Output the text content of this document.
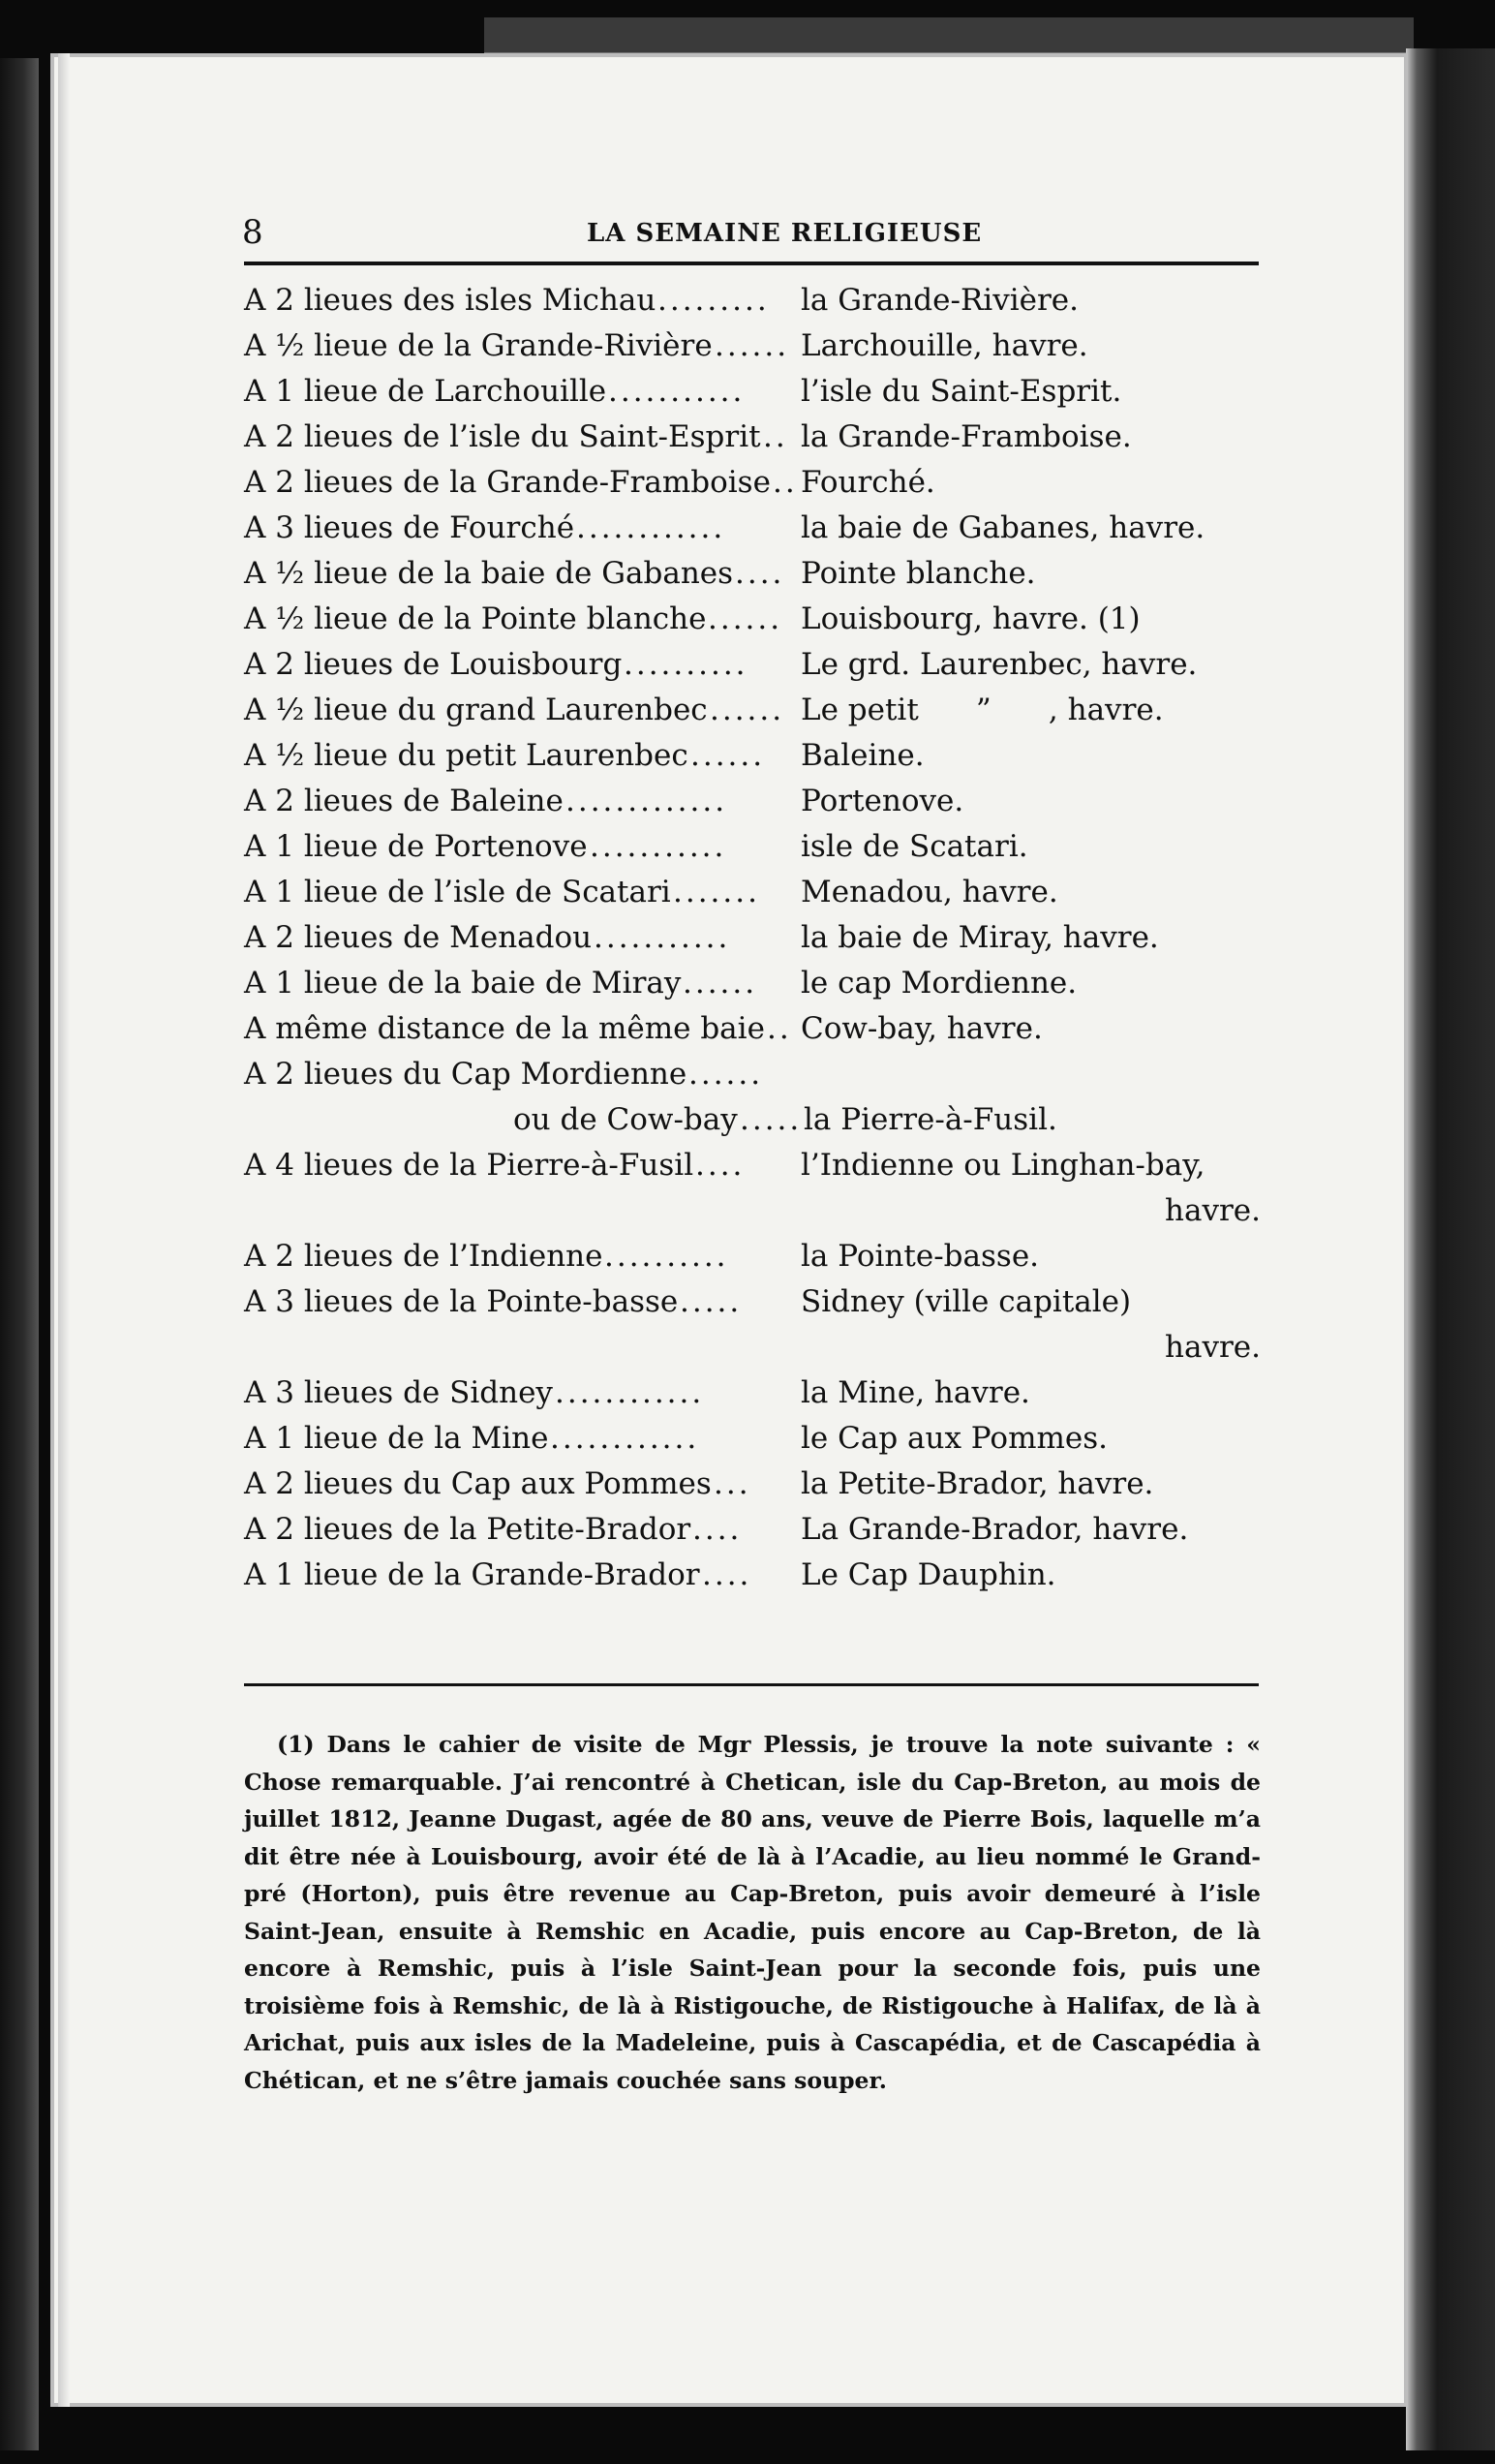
8	LA SEMAINE RELIGIEUSE
A 2 lieues des isles Michau ......... la Grande-Rivière.
A ½ lieue de la Grande-Rivière ...... Larchouille, havre.
A 1 lieue de Larchouille ........... l’isle du Saint-Esprit.
A 2 lieues de l’isle du Saint-Esprit .. la Grande-Framboise.
A 2 lieues de la Grande-Framboise .. Fourché.
A 3 lieues de Fourché ............	la baie de Gabanes, havre.
A ½ lieue de la baie de Gabanes .... Pointe blanche.
A ½ lieue de la Pointe blanche ...... Louisbourg, havre. (1)
A 2 lieues de Louisbourg .......... Le grd. Laurenbec, havre.
A ½ lieue du grand Laurenbec ...... Le petit      ”      , havre.
A ½ lieue du petit Laurenbec ...... Baleine.
A 2 lieues de Baleine ............. Portenove.
A 1 lieue de Portenove ........... isle de Scatari.
A 1 lieue de l’isle de Scatari ....... Menadou, havre.
A 2 lieues de Menadou ........... la baie de Miray, havre.
A 1 lieue de la baie de Miray ...... le cap Mordienne.
A même distance de la même baie .. Cow-bay, havre.
A 2 lieues du Cap Mordienne ......
ou de Cow-bay ..... la Pierre-à-Fusil.
A 4 lieues de la Pierre-à-Fusil .... l’Indienne ou Linghan-bay,
havre.
A 2 lieues de l’Indienne .......... la Pointe-basse.
A 3 lieues de la Pointe-basse ..... Sidney (ville capitale)
havre.
A 3 lieues de Sidney ............	la Mine, havre.
A 1 lieue de la Mine ............	le Cap aux Pommes.
A 2 lieues du Cap aux Pommes ... la Petite-Brador, havre.
A 2 lieues de la Petite-Brador .... La Grande-Brador, havre.
A 1 lieue de la Grande-Brador .... Le Cap Dauphin.

(1) Dans le cahier de visite de Mgr Plessis, je trouve la note suivante : « Chose remarquable. J’ai rencontré à Chetican, isle du Cap-Breton, au mois de juillet 1812, Jeanne Dugast, agée de 80 ans, veuve de Pierre Bois, laquelle m’a dit être née à Louisbourg, avoir été de là à l’Acadie, au lieu nommé le Grand-pré (Horton), puis être revenue au Cap-Breton, puis avoir demeuré à l’isle Saint-Jean, ensuite à Remshic en Acadie, puis encore au Cap-Breton, de là encore à Remshic, puis à l’isle Saint-Jean pour la seconde fois, puis une troisième fois à Remshic, de là à Ristigouche, de Ristigouche à Halifax, de là à Arichat, puis aux isles de la Madeleine, puis à Cascapédia, et de Cascapédia à Chétican, et ne s’être jamais couchée sans souper.
